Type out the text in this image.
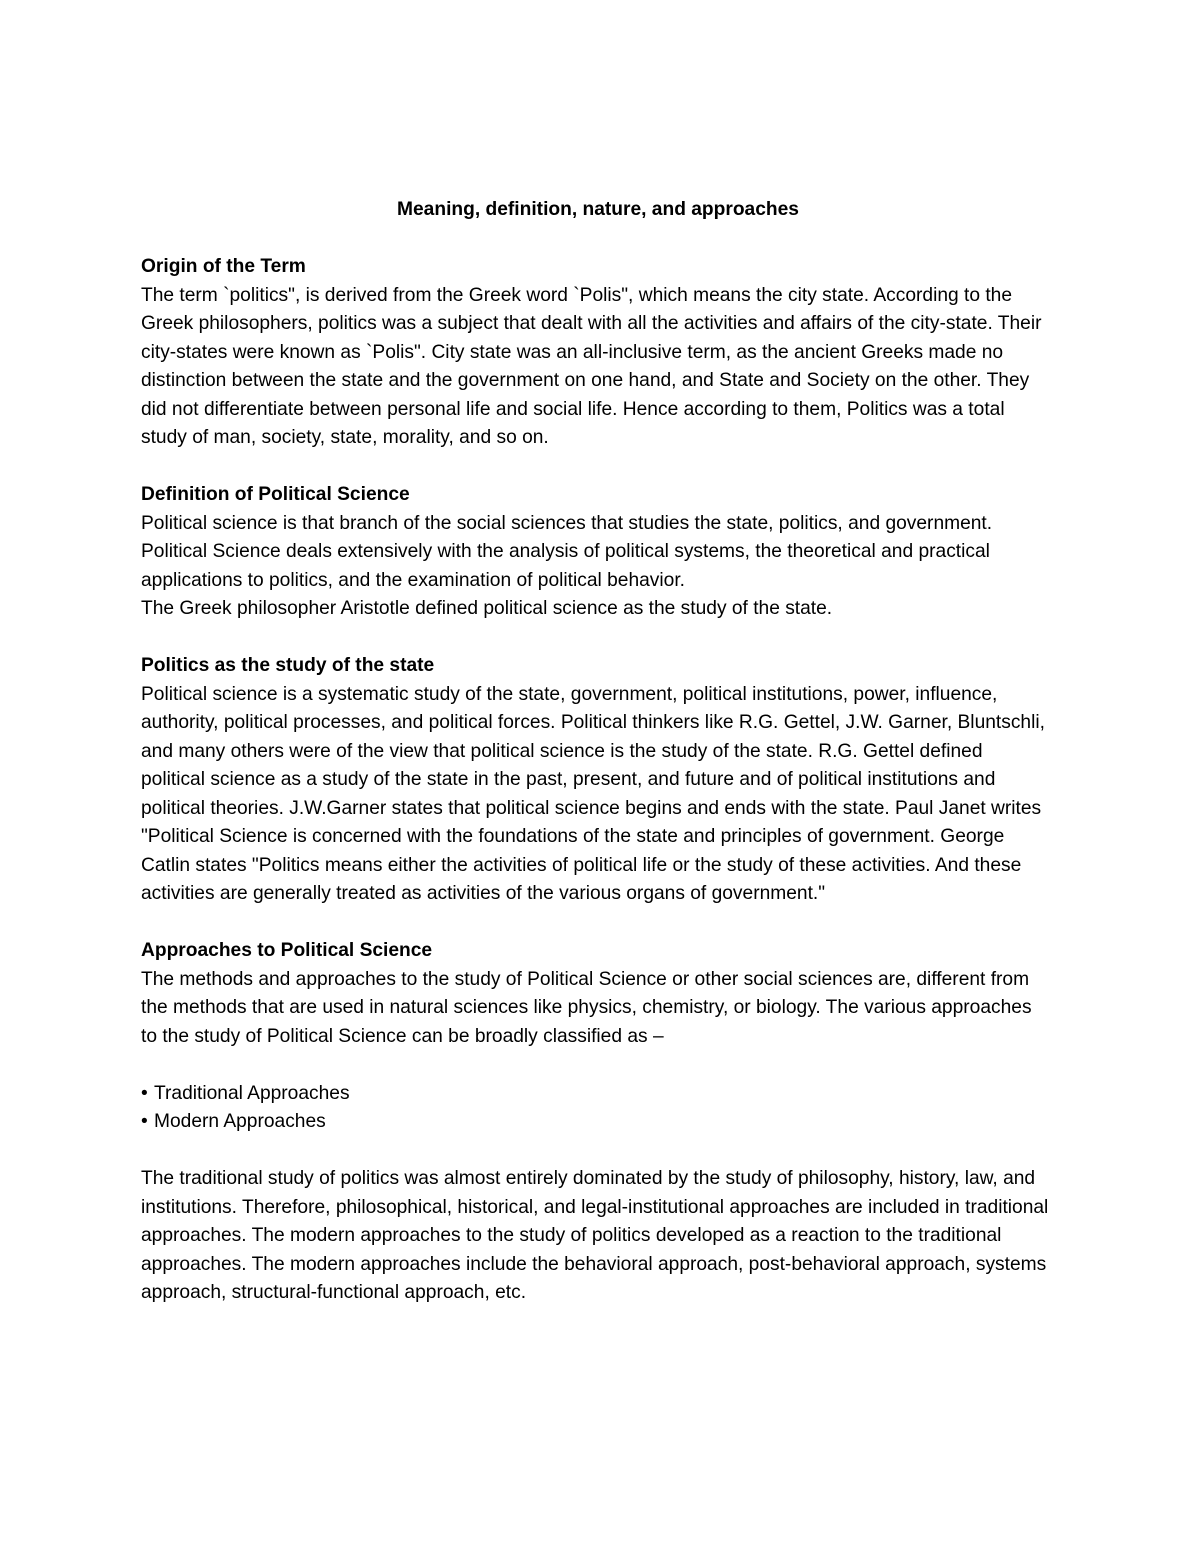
Meaning, definition, nature, and approaches
Origin of the Term

The term `politics", is derived from the Greek word `Polis", which means the city state. According to the Greek philosophers, politics was a subject that dealt with all the activities and affairs of the city-state. Their city-states were known as `Polis". City state was an all-inclusive term, as the ancient Greeks made no distinction between the state and the government on one hand, and State and Society on the other. They did not differentiate between personal life and social life. Hence according to them, Politics was a total study of man, society, state, morality, and so on.

Definition of Political Science

Political science is that branch of the social sciences that studies the state, politics, and government. Political Science deals extensively with the analysis of political systems, the theoretical and practical applications to politics, and the examination of political behavior.

The Greek philosopher Aristotle defined political science as the study of the state.

Politics as the study of the state

Political science is a systematic study of the state, government, political institutions, power, influence, authority, political processes, and political forces. Political thinkers like R.G. Gettel, J.W. Garner, Bluntschli, and many others were of the view that political science is the study of the state. R.G. Gettel defined political science as a study of the state in the past, present, and future and of political institutions and political theories. J.W.Garner states that political science begins and ends with the state. Paul Janet writes "Political Science is concerned with the foundations of the state and principles of government. George Catlin states "Politics means either the activities of political life or the study of these activities. And these activities are generally treated as activities of the various organs of government."

Approaches to Political Science

The methods and approaches to the study of Political Science or other social sciences are, different from the methods that are used in natural sciences like physics, chemistry, or biology. The various approaches to the study of Political Science can be broadly classified as –

• Traditional Approaches
• Modern Approaches

The traditional study of politics was almost entirely dominated by the study of philosophy, history, law, and institutions. Therefore, philosophical, historical, and legal-institutional approaches are included in traditional approaches. The modern approaches to the study of politics developed as a reaction to the traditional approaches. The modern approaches include the behavioral approach, post-behavioral approach, systems approach, structural-functional approach, etc.
